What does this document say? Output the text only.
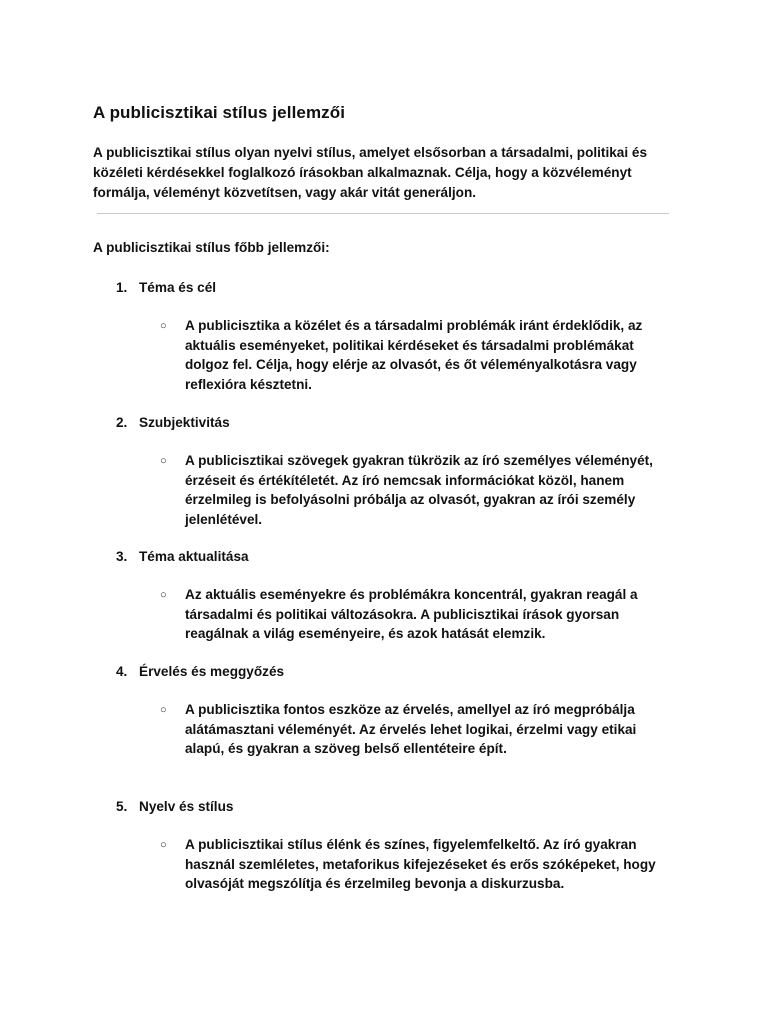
A publicisztikai stílus jellemzői

A publicisztikai stílus olyan nyelvi stílus, amelyet elsősorban a társadalmi, politikai és közéleti kérdésekkel foglalkozó írásokban alkalmaznak. Célja, hogy a közvéleményt formálja, véleményt közvetítsen, vagy akár vitát generáljon.

A publicisztikai stílus főbb jellemzői:

1. Téma és cél
○ A publicisztika a közélet és a társadalmi problémák iránt érdeklődik, az aktuális eseményeket, politikai kérdéseket és társadalmi problémákat dolgoz fel. Célja, hogy elérje az olvasót, és őt véleményalkotásra vagy reflexióra késztetni.

2. Szubjektivitás
○ A publicisztikai szövegek gyakran tükrözik az író személyes véleményét, érzéseit és értékítéletét. Az író nemcsak információkat közöl, hanem érzelmileg is befolyásolni próbálja az olvasót, gyakran az írói személy jelenlétével.

3. Téma aktualitása
○ Az aktuális eseményekre és problémákra koncentrál, gyakran reagál a társadalmi és politikai változásokra. A publicisztikai írások gyorsan reagálnak a világ eseményeire, és azok hatását elemzik.

4. Érvelés és meggyőzés
○ A publicisztika fontos eszköze az érvelés, amellyel az író megpróbálja alátámasztani véleményét. Az érvelés lehet logikai, érzelmi vagy etikai alapú, és gyakran a szöveg belső ellentéteire épít.

5. Nyelv és stílus
○ A publicisztikai stílus élénk és színes, figyelemfelkeltő. Az író gyakran használ szemléletes, metaforikus kifejezéseket és erős szóképeket, hogy olvasóját megszólítja és érzelmileg bevonja a diskurzusba.
